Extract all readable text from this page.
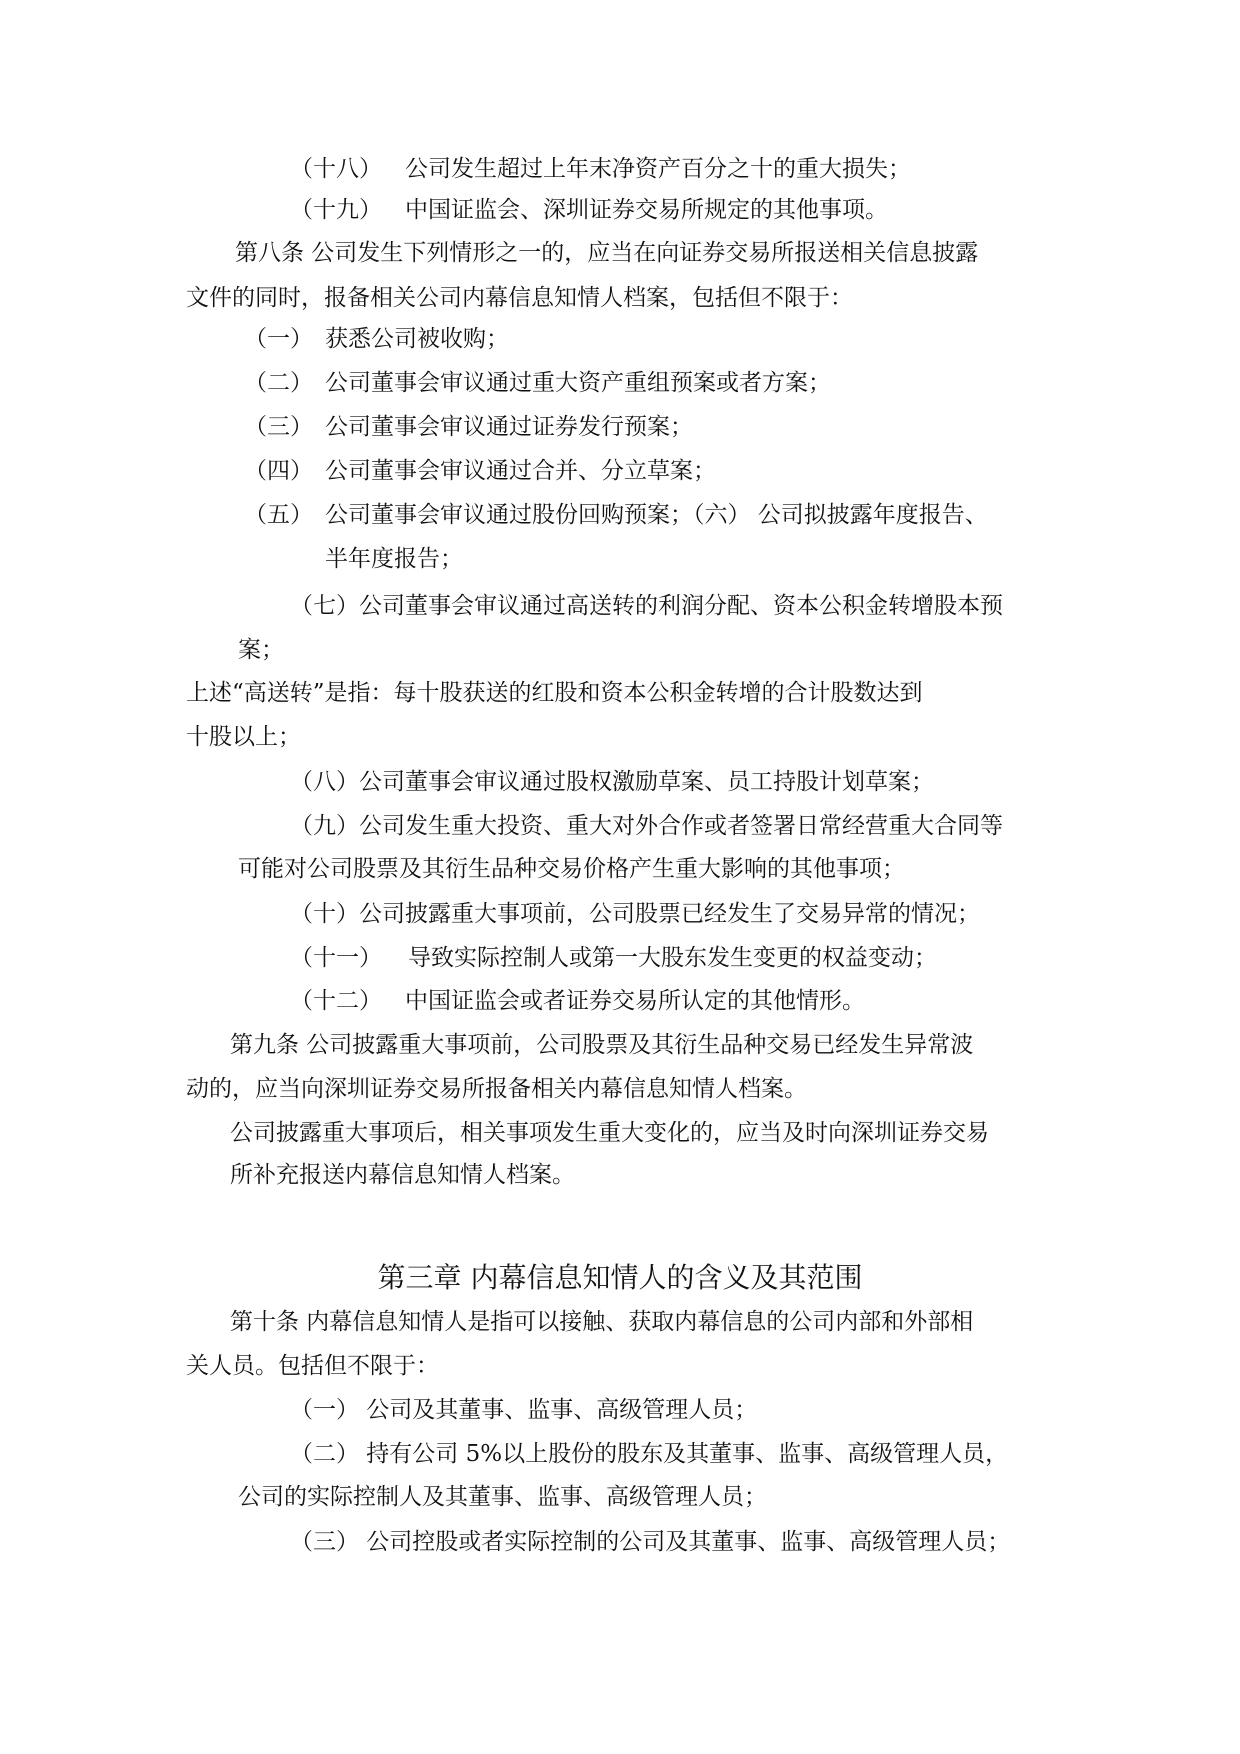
（十八） 公司发生超过上年末净资产百分之十的重大损失；
（十九） 中国证监会、深圳证券交易所规定的其他事项。
第八条 公司发生下列情形之一的，应当在向证券交易所报送相关信息披露
文件的同时，报备相关公司内幕信息知情人档案，包括但不限于：
（一） 获悉公司被收购；
（二） 公司董事会审议通过重大资产重组预案或者方案；
（三） 公司董事会审议通过证券发行预案；
（四） 公司董事会审议通过合并、分立草案；
（五） 公司董事会审议通过股份回购预案；（六） 公司拟披露年度报告、
半年度报告；
（七）公司董事会审议通过高送转的利润分配、资本公积金转增股本预
案；
上述“高送转”是指：每十股获送的红股和资本公积金转增的合计股数达到
十股以上；
（八）公司董事会审议通过股权激励草案、员工持股计划草案；
（九）公司发生重大投资、重大对外合作或者签署日常经营重大合同等
可能对公司股票及其衍生品种交易价格产生重大影响的其他事项；
（十）公司披露重大事项前，公司股票已经发生了交易异常的情况；
（十一） 导致实际控制人或第一大股东发生变更的权益变动；
（十二） 中国证监会或者证券交易所认定的其他情形。
第九条 公司披露重大事项前，公司股票及其衍生品种交易已经发生异常波
动的，应当向深圳证券交易所报备相关内幕信息知情人档案。
公司披露重大事项后，相关事项发生重大变化的，应当及时向深圳证券交易
所补充报送内幕信息知情人档案。
第三章 内幕信息知情人的含义及其范围
第十条 内幕信息知情人是指可以接触、获取内幕信息的公司内部和外部相
关人员。包括但不限于：
（一） 公司及其董事、监事、高级管理人员；
（二） 持有公司 5%以上股份的股东及其董事、监事、高级管理人员，
公司的实际控制人及其董事、监事、高级管理人员；
（三） 公司控股或者实际控制的公司及其董事、监事、高级管理人员；
